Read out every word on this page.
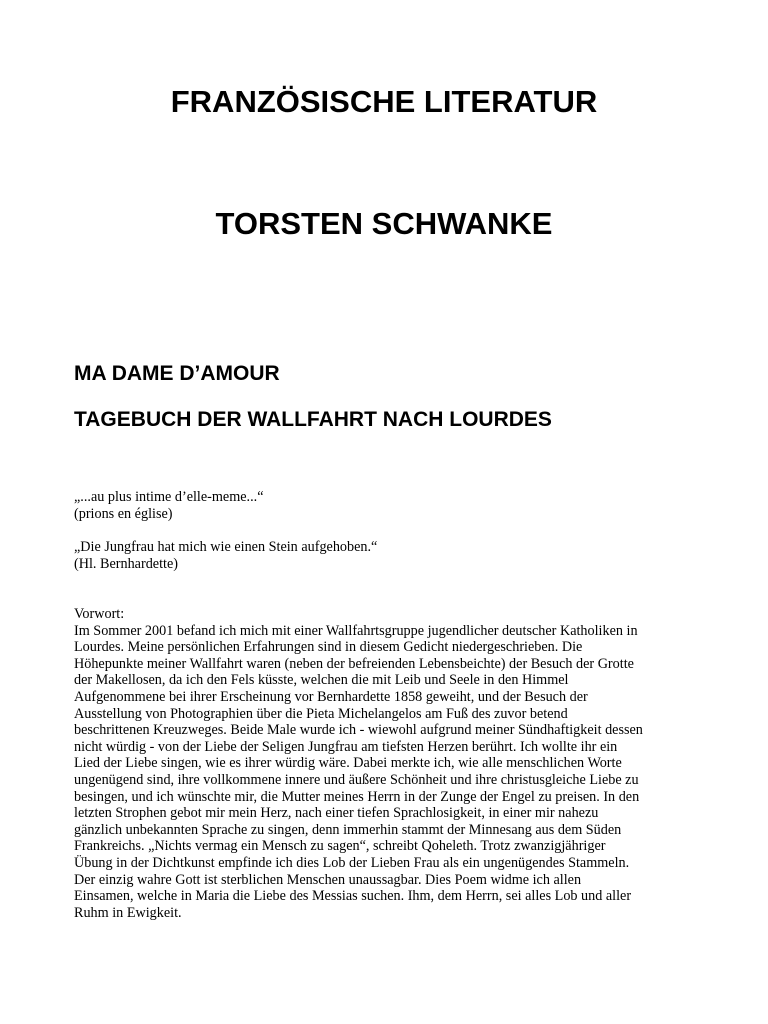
FRANZÖSISCHE LITERATUR
TORSTEN SCHWANKE
MA DAME D’AMOUR
TAGEBUCH DER WALLFAHRT NACH LOURDES
„...au plus intime d’elle-meme...“
(prions en église)
„Die Jungfrau hat mich wie einen Stein aufgehoben.“
(Hl. Bernhardette)
Vorwort:
Im Sommer 2001 befand ich mich mit einer Wallfahrtsgruppe jugendlicher deutscher Katholiken in
Lourdes. Meine persönlichen Erfahrungen sind in diesem Gedicht niedergeschrieben. Die
Höhepunkte meiner Wallfahrt waren (neben der befreienden Lebensbeichte) der Besuch der Grotte
der Makellosen, da ich den Fels küsste, welchen die mit Leib und Seele in den Himmel
Aufgenommene bei ihrer Erscheinung vor Bernhardette 1858 geweiht, und der Besuch der
Ausstellung von Photographien über die Pieta Michelangelos am Fuß des zuvor betend
beschrittenen Kreuzweges. Beide Male wurde ich - wiewohl aufgrund meiner Sündhaftigkeit dessen
nicht würdig - von der Liebe der Seligen Jungfrau am tiefsten Herzen berührt. Ich wollte ihr ein
Lied der Liebe singen, wie es ihrer würdig wäre. Dabei merkte ich, wie alle menschlichen Worte
ungenügend sind, ihre vollkommene innere und äußere Schönheit und ihre christusgleiche Liebe zu
besingen, und ich wünschte mir, die Mutter meines Herrn in der Zunge der Engel zu preisen. In den
letzten Strophen gebot mir mein Herz, nach einer tiefen Sprachlosigkeit, in einer mir nahezu
gänzlich unbekannten Sprache zu singen, denn immerhin stammt der Minnesang aus dem Süden
Frankreichs. „Nichts vermag ein Mensch zu sagen“, schreibt Qoheleth. Trotz zwanzigjähriger
Übung in der Dichtkunst empfinde ich dies Lob der Lieben Frau als ein ungenügendes Stammeln.
Der einzig wahre Gott ist sterblichen Menschen unaussagbar. Dies Poem widme ich allen
Einsamen, welche in Maria die Liebe des Messias suchen. Ihm, dem Herrn, sei alles Lob und aller
Ruhm in Ewigkeit.
